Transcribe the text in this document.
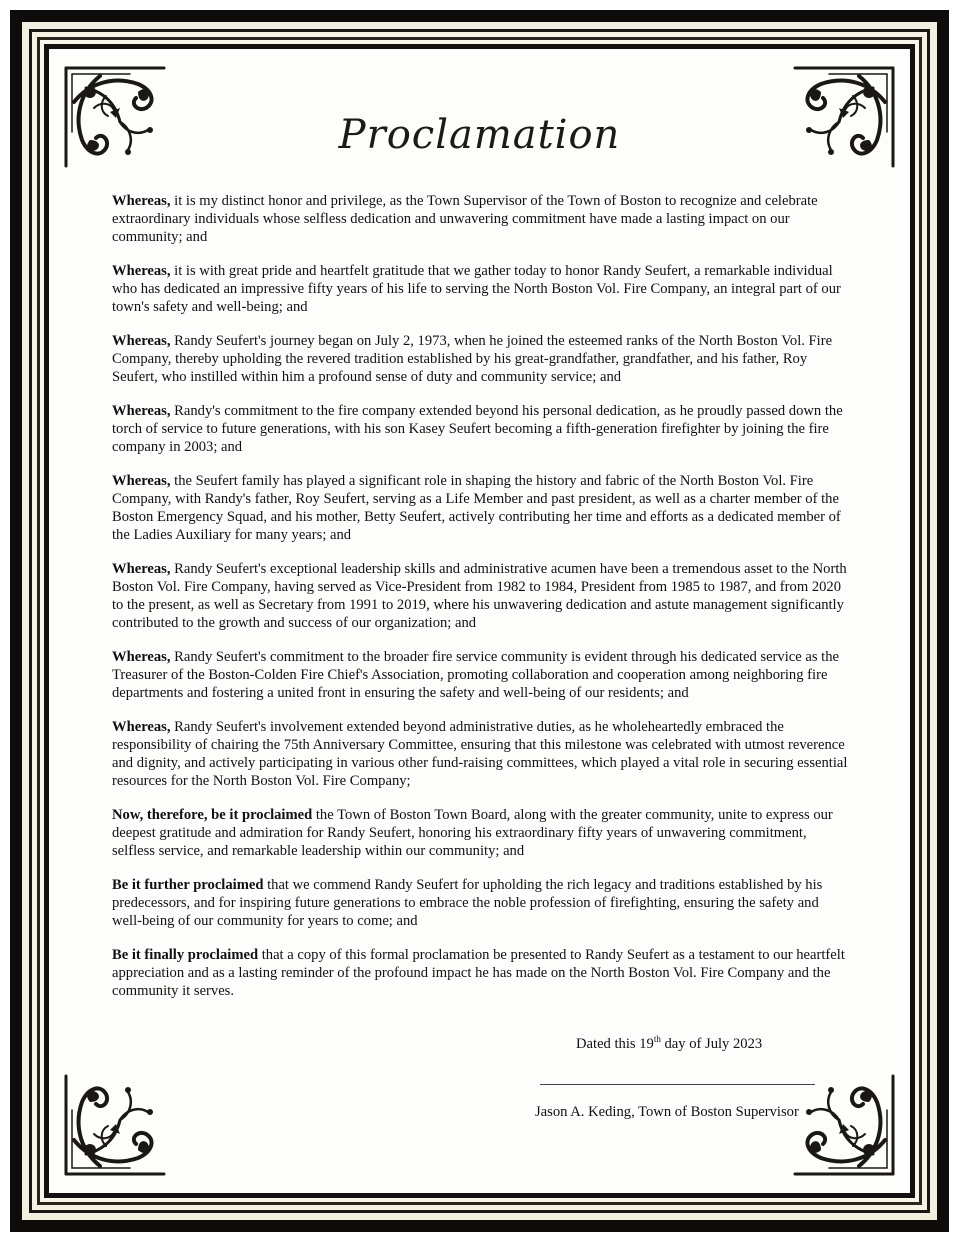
Proclamation

Whereas, it is my distinct honor and privilege, as the Town Supervisor of the Town of Boston to recognize and celebrate extraordinary individuals whose selfless dedication and unwavering commitment have made a lasting impact on our community; and

Whereas, it is with great pride and heartfelt gratitude that we gather today to honor Randy Seufert, a remarkable individual who has dedicated an impressive fifty years of his life to serving the North Boston Vol. Fire Company, an integral part of our town's safety and well-being; and

Whereas, Randy Seufert's journey began on July 2, 1973, when he joined the esteemed ranks of the North Boston Vol. Fire Company, thereby upholding the revered tradition established by his great-grandfather, grandfather, and his father, Roy Seufert, who instilled within him a profound sense of duty and community service; and

Whereas, Randy's commitment to the fire company extended beyond his personal dedication, as he proudly passed down the torch of service to future generations, with his son Kasey Seufert becoming a fifth-generation firefighter by joining the fire company in 2003; and

Whereas, the Seufert family has played a significant role in shaping the history and fabric of the North Boston Vol. Fire Company, with Randy's father, Roy Seufert, serving as a Life Member and past president, as well as a charter member of the Boston Emergency Squad, and his mother, Betty Seufert, actively contributing her time and efforts as a dedicated member of the Ladies Auxiliary for many years; and

Whereas, Randy Seufert's exceptional leadership skills and administrative acumen have been a tremendous asset to the North Boston Vol. Fire Company, having served as Vice-President from 1982 to 1984, President from 1985 to 1987, and from 2020 to the present, as well as Secretary from 1991 to 2019, where his unwavering dedication and astute management significantly contributed to the growth and success of our organization; and

Whereas, Randy Seufert's commitment to the broader fire service community is evident through his dedicated service as the Treasurer of the Boston-Colden Fire Chief's Association, promoting collaboration and cooperation among neighboring fire departments and fostering a united front in ensuring the safety and well-being of our residents; and

Whereas, Randy Seufert's involvement extended beyond administrative duties, as he wholeheartedly embraced the responsibility of chairing the 75th Anniversary Committee, ensuring that this milestone was celebrated with utmost reverence and dignity, and actively participating in various other fund-raising committees, which played a vital role in securing essential resources for the North Boston Vol. Fire Company;

Now, therefore, be it proclaimed the Town of Boston Town Board, along with the greater community, unite to express our deepest gratitude and admiration for Randy Seufert, honoring his extraordinary fifty years of unwavering commitment, selfless service, and remarkable leadership within our community; and

Be it further proclaimed that we commend Randy Seufert for upholding the rich legacy and traditions established by his predecessors, and for inspiring future generations to embrace the noble profession of firefighting, ensuring the safety and well-being of our community for years to come; and

Be it finally proclaimed that a copy of this formal proclamation be presented to Randy Seufert as a testament to our heartfelt appreciation and as a lasting reminder of the profound impact he has made on the North Boston Vol. Fire Company and the community it serves.

Dated this 19th day of July 2023
Jason A. Keding, Town of Boston Supervisor
